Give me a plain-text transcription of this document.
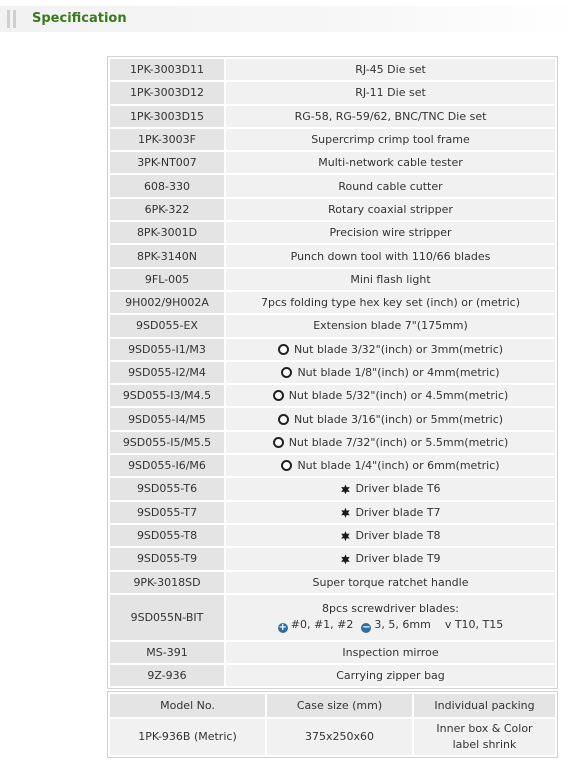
Specification
1PK-3003D11	RJ-45 Die set
1PK-3003D12	RJ-11 Die set
1PK-3003D15	RG-58, RG-59/62, BNC/TNC Die set
1PK-3003F	Supercrimp crimp tool frame
3PK-NT007	Multi-network cable tester
608-330	Round cable cutter
6PK-322	Rotary coaxial stripper
8PK-3001D	Precision wire stripper
8PK-3140N	Punch down tool with 110/66 blades
9FL-005	Mini flash light
9H002/9H002A	7pcs folding type hex key set (inch) or (metric)
9SD055-EX	Extension blade 7"(175mm)
9SD055-I1/M3	Nut blade 3/32"(inch) or 3mm(metric)
9SD055-I2/M4	Nut blade 1/8"(inch) or 4mm(metric)
9SD055-I3/M4.5	Nut blade 5/32"(inch) or 4.5mm(metric)
9SD055-I4/M5	Nut blade 3/16"(inch) or 5mm(metric)
9SD055-I5/M5.5	Nut blade 7/32"(inch) or 5.5mm(metric)
9SD055-I6/M6	Nut blade 1/4"(inch) or 6mm(metric)
9SD055-T6	Driver blade T6
9SD055-T7	Driver blade T7
9SD055-T8	Driver blade T8
9SD055-T9	Driver blade T9
9PK-3018SD	Super torque ratchet handle
9SD055N-BIT	8pcs screwdriver blades:
+ #0, #1, #2 − 3, 5, 6mm v T10, T15

MS-391	Inspection mirroe
9Z-936	Carrying zipper bag
Model No.	Case size (mm)	Individual packing
1PK-936B (Metric)	375x250x60	Inner box & Color
label shrink
